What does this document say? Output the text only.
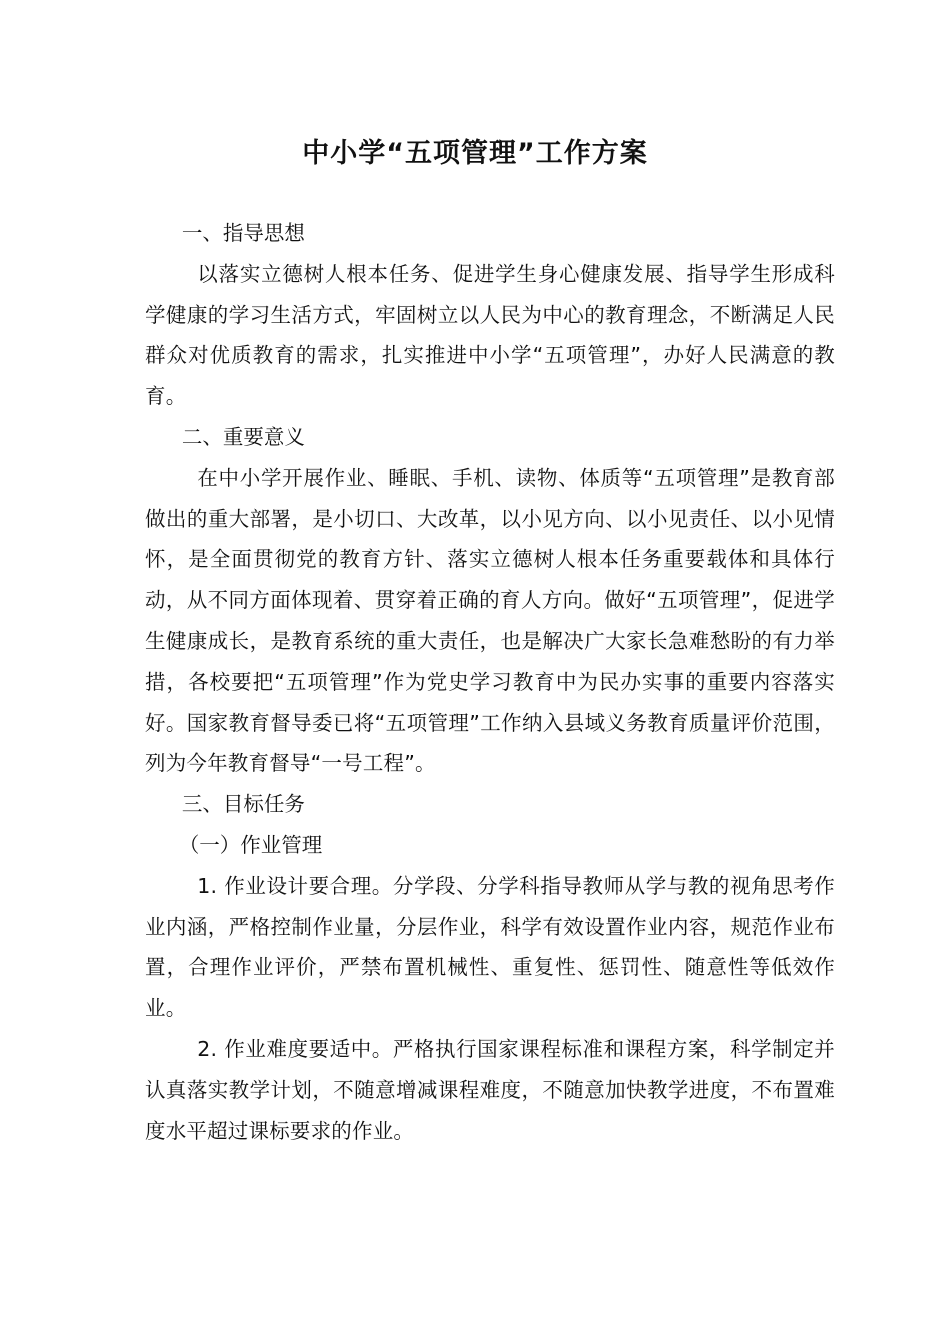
中小学“五项管理”工作方案

一、指导思想

以落实立德树人根本任务、促进学生身心健康发展、指导学生形成科学健康的学习生活方式，牢固树立以人民为中心的教育理念，不断满足人民群众对优质教育的需求，扎实推进中小学“五项管理”，办好人民满意的教育。

二、重要意义

在中小学开展作业、睡眠、手机、读物、体质等“五项管理”是教育部做出的重大部署，是小切口、大改革，以小见方向、以小见责任、以小见情怀，是全面贯彻党的教育方针、落实立德树人根本任务重要载体和具体行动，从不同方面体现着、贯穿着正确的育人方向。做好“五项管理”，促进学生健康成长，是教育系统的重大责任，也是解决广大家长急难愁盼的有力举措，各校要把“五项管理”作为党史学习教育中为民办实事的重要内容落实好。国家教育督导委已将“五项管理”工作纳入县域义务教育质量评价范围，列为今年教育督导“一号工程”。

三、目标任务

（一）作业管理

1. 作业设计要合理。分学段、分学科指导教师从学与教的视角思考作业内涵，严格控制作业量，分层作业，科学有效设置作业内容，规范作业布置，合理作业评价，严禁布置机械性、重复性、惩罚性、随意性等低效作业。

2. 作业难度要适中。严格执行国家课程标准和课程方案，科学制定并认真落实教学计划，不随意增减课程难度，不随意加快教学进度，不布置难度水平超过课标要求的作业。
